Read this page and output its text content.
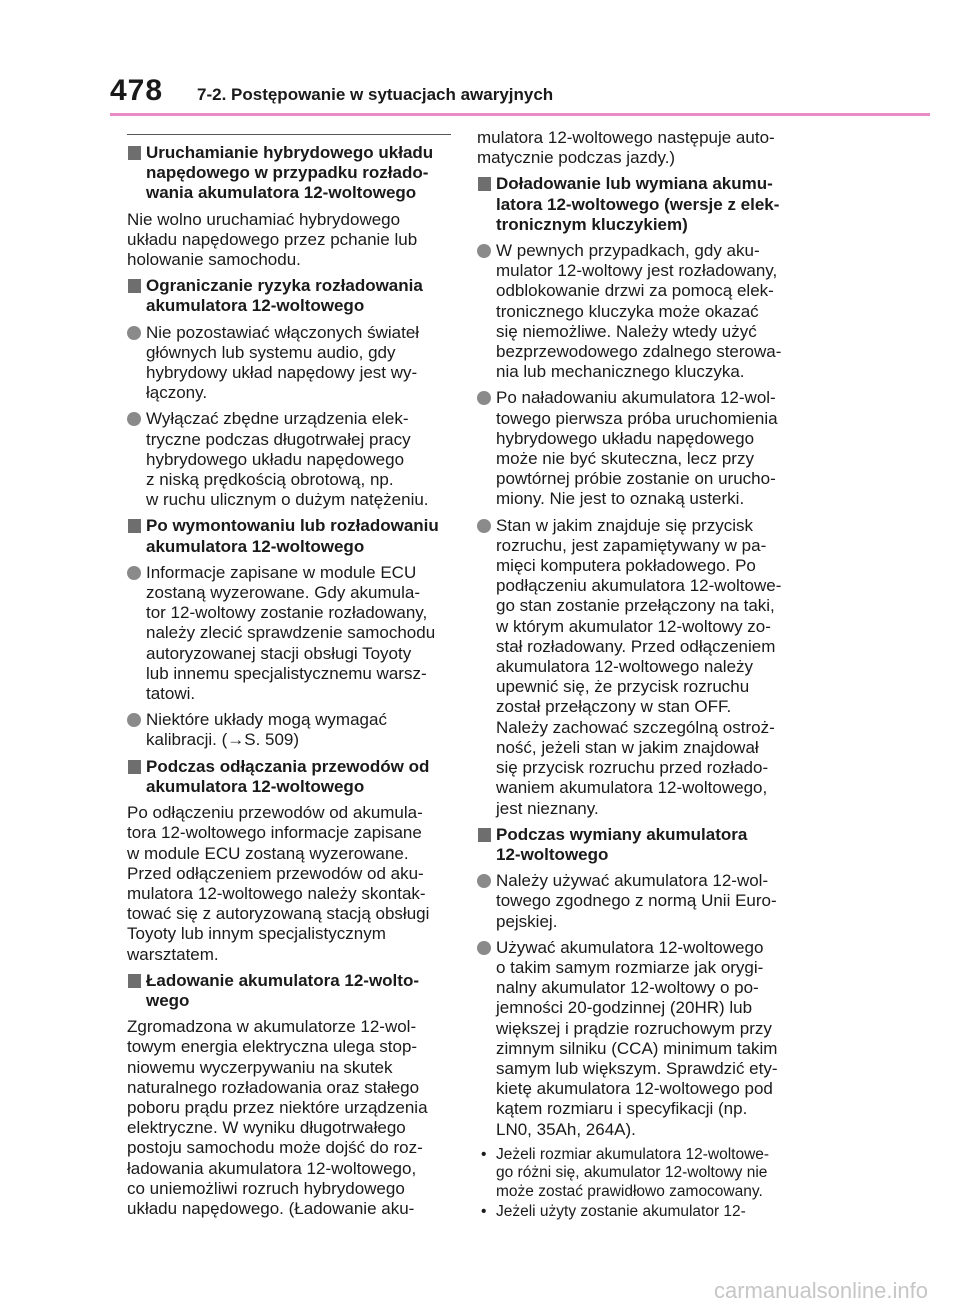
478 7-2. Postępowanie w sytuacjach awaryjnych
Uruchamianie hybrydowego układu
napędowego w przypadku rozłado-
wania akumulatora 12-woltowego
Nie wolno uruchamiać hybrydowego
układu napędowego przez pchanie lub
holowanie samochodu.
Ograniczanie ryzyka rozładowania
akumulatora 12-woltowego
Nie pozostawiać włączonych świateł
głównych lub systemu audio, gdy
hybrydowy układ napędowy jest wy-
łączony.
Wyłączać zbędne urządzenia elek-
tryczne podczas długotrwałej pracy
hybrydowego układu napędowego
z niską prędkością obrotową, np.
w ruchu ulicznym o dużym natężeniu.
Po wymontowaniu lub rozładowaniu
akumulatora 12-woltowego
Informacje zapisane w module ECU
zostaną wyzerowane. Gdy akumula-
tor 12-woltowy zostanie rozładowany,
należy zlecić sprawdzenie samochodu
autoryzowanej stacji obsługi Toyoty
lub innemu specjalistycznemu warsz-
tatowi.
Niektóre układy mogą wymagać
kalibracji. (→S. 509)
Podczas odłączania przewodów od
akumulatora 12-woltowego
Po odłączeniu przewodów od akumula-
tora 12-woltowego informacje zapisane
w module ECU zostaną wyzerowane.
Przed odłączeniem przewodów od aku-
mulatora 12-woltowego należy skontak-
tować się z autoryzowaną stacją obsługi
Toyoty lub innym specjalistycznym
warsztatem.
Ładowanie akumulatora 12-wolto-
wego
Zgromadzona w akumulatorze 12-wol-
towym energia elektryczna ulega stop-
niowemu wyczerpywaniu na skutek
naturalnego rozładowania oraz stałego
poboru prądu przez niektóre urządzenia
elektryczne. W wyniku długotrwałego
postoju samochodu może dojść do roz-
ładowania akumulatora 12-woltowego,
co uniemożliwi rozruch hybrydowego
układu napędowego. (Ładowanie aku-
mulatora 12-woltowego następuje auto-
matycznie podczas jazdy.)
Doładowanie lub wymiana akumu-
latora 12-woltowego (wersje z elek-
tronicznym kluczykiem)
W pewnych przypadkach, gdy aku-
mulator 12-woltowy jest rozładowany,
odblokowanie drzwi za pomocą elek-
tronicznego kluczyka może okazać
się niemożliwe. Należy wtedy użyć
bezprzewodowego zdalnego sterowa-
nia lub mechanicznego kluczyka.
Po naładowaniu akumulatora 12-wol-
towego pierwsza próba uruchomienia
hybrydowego układu napędowego
może nie być skuteczna, lecz przy
powtórnej próbie zostanie on urucho-
miony. Nie jest to oznaką usterki.
Stan w jakim znajduje się przycisk
rozruchu, jest zapamiętywany w pa-
mięci komputera pokładowego. Po
podłączeniu akumulatora 12-woltowe-
go stan zostanie przełączony na taki,
w którym akumulator 12-woltowy zo-
stał rozładowany. Przed odłączeniem
akumulatora 12-woltowego należy
upewnić się, że przycisk rozruchu
został przełączony w stan OFF.
Należy zachować szczególną ostroż-
ność, jeżeli stan w jakim znajdował
się przycisk rozruchu przed rozłado-
waniem akumulatora 12-woltowego,
jest nieznany.
Podczas wymiany akumulatora
12-woltowego
Należy używać akumulatora 12-wol-
towego zgodnego z normą Unii Euro-
pejskiej.
Używać akumulatora 12-woltowego
o takim samym rozmiarze jak orygi-
nalny akumulator 12-woltowy o po-
jemności 20-godzinnej (20HR) lub
większej i prądzie rozruchowym przy
zimnym silniku (CCA) minimum takim
samym lub większym. Sprawdzić ety-
kietę akumulatora 12-woltowego pod
kątem rozmiaru i specyfikacji (np.
LN0, 35Ah, 264A).
• Jeżeli rozmiar akumulatora 12-woltowe-
go różni się, akumulator 12-woltowy nie
może zostać prawidłowo zamocowany.
• Jeżeli użyty zostanie akumulator 12-
carmanualsonline.info
